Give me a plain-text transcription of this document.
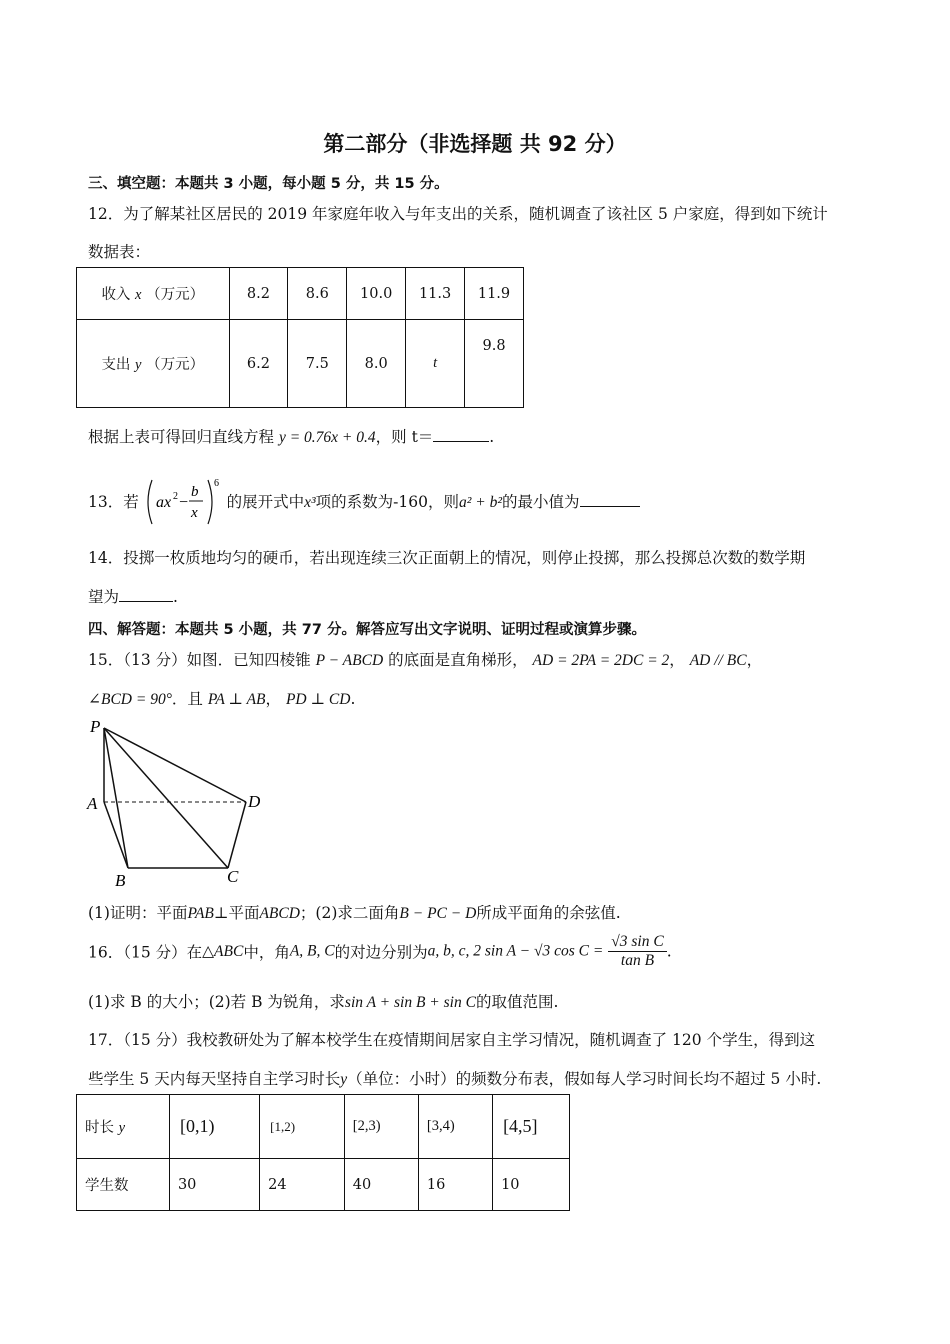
第二部分（非选择题 共 92 分）
三、填空题：本题共 3 小题，每小题 5 分，共 15 分。
12．为了解某社区居民的 2019 年家庭年收入与年支出的关系，随机调查了该社区 5 户家庭，得到如下统计
数据表：
收入 x （万元）	8.2	8.6	10.0	11.3	11.9
支出 y （万元）	6.2	7.5	8.0	t	9.8
根据上表可得回归直线方程 y = 0.76x + 0.4，则 t＝	.
13．若 ax 2 −
b
x
6
的展开式中x³项的系数为-160，则a² + b²的最小值为
14．投掷一枚质地均匀的硬币，若出现连续三次正面朝上的情况，则停止投掷，那么投掷总次数的数学期
望为	.
四、解答题：本题共 5 小题，共 77 分。解答应写出文字说明、证明过程或演算步骤。
15．（13 分）如图．已知四棱锥 P − ABCD 的底面是直角梯形， AD = 2PA = 2DC = 2， AD // BC，
∠BCD = 90°．且 PA ⊥ AB， PD ⊥ CD.
P
A
B	C
D
(1)证明：平面PAB⊥平面ABCD；(2)求二面角B − PC − D所成平面角的余弦值.
16．（15 分）在△ABC中，角A, B, C的对边分别为a, b, c, 2 sin A − √3 $\cos C = \frac{\text{√3 sin C}}{\text{tan B}}$ .
(1)求 B 的大小；(2)若 B 为锐角，求sin A + sin B + sin C的取值范围.
17．（15 分）我校教研处为了解本校学生在疫情期间居家自主学习情况，随机调查了 120 个学生，得到这
些学生 5 天内每天坚持自主学习时长y（单位：小时）的频数分布表，假如每人学习时间长均不超过 5 小时.
时长 y	[0,1)	[1,2)	[2,3)	[3,4)	[4,5]
学生数	30	24	40	16	10
